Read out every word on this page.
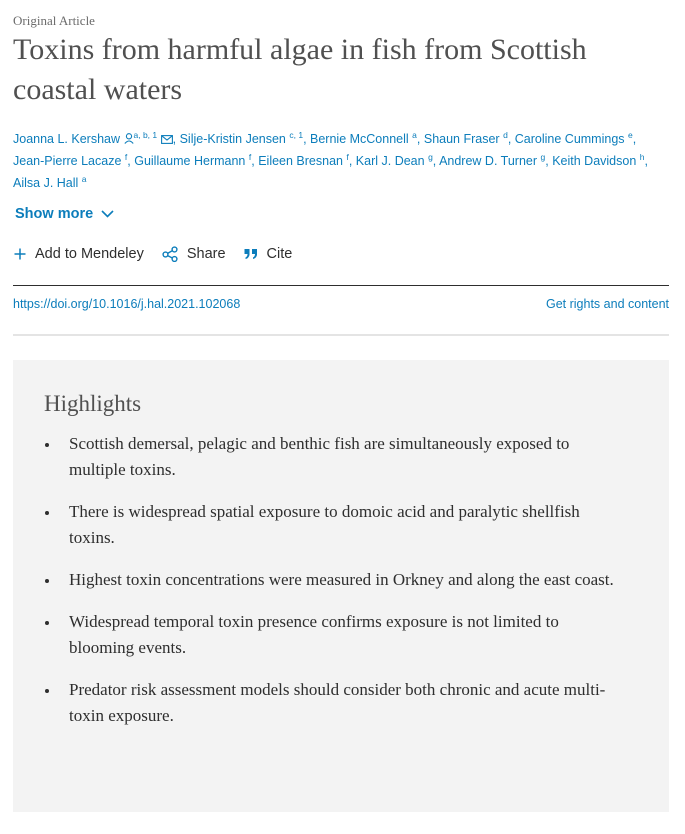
Original Article
Toxins from harmful algae in fish from Scottish coastal waters
Joanna L. Kershaw $^{a, b, 1}$ , Silje-Kristin Jensen $^{c, 1}$, Bernie McConnell $^a$, Shaun Fraser $^d$, Caroline Cummings $^e$, Jean-Pierre Lacaze $^f$, Guillaume Hermann $^f$, Eileen Bresnan $^f$, Karl J. Dean $^g$, Andrew D. Turner $^g$, Keith Davidson $^h$, Ailsa J. Hall $^a$
Show more
Add to Mendeley	Share	Cite
https://doi.org/10.1016/j.hal.2021.102068	Get rights and content
Highlights
Scottish demersal, pelagic and benthic fish are simultaneously exposed to multiple toxins.
There is widespread spatial exposure to domoic acid and paralytic shellfish toxins.
Highest toxin concentrations were measured in Orkney and along the east coast.
Widespread temporal toxin presence confirms exposure is not limited to blooming events.
Predator risk assessment models should consider both chronic and acute multi-toxin exposure.
